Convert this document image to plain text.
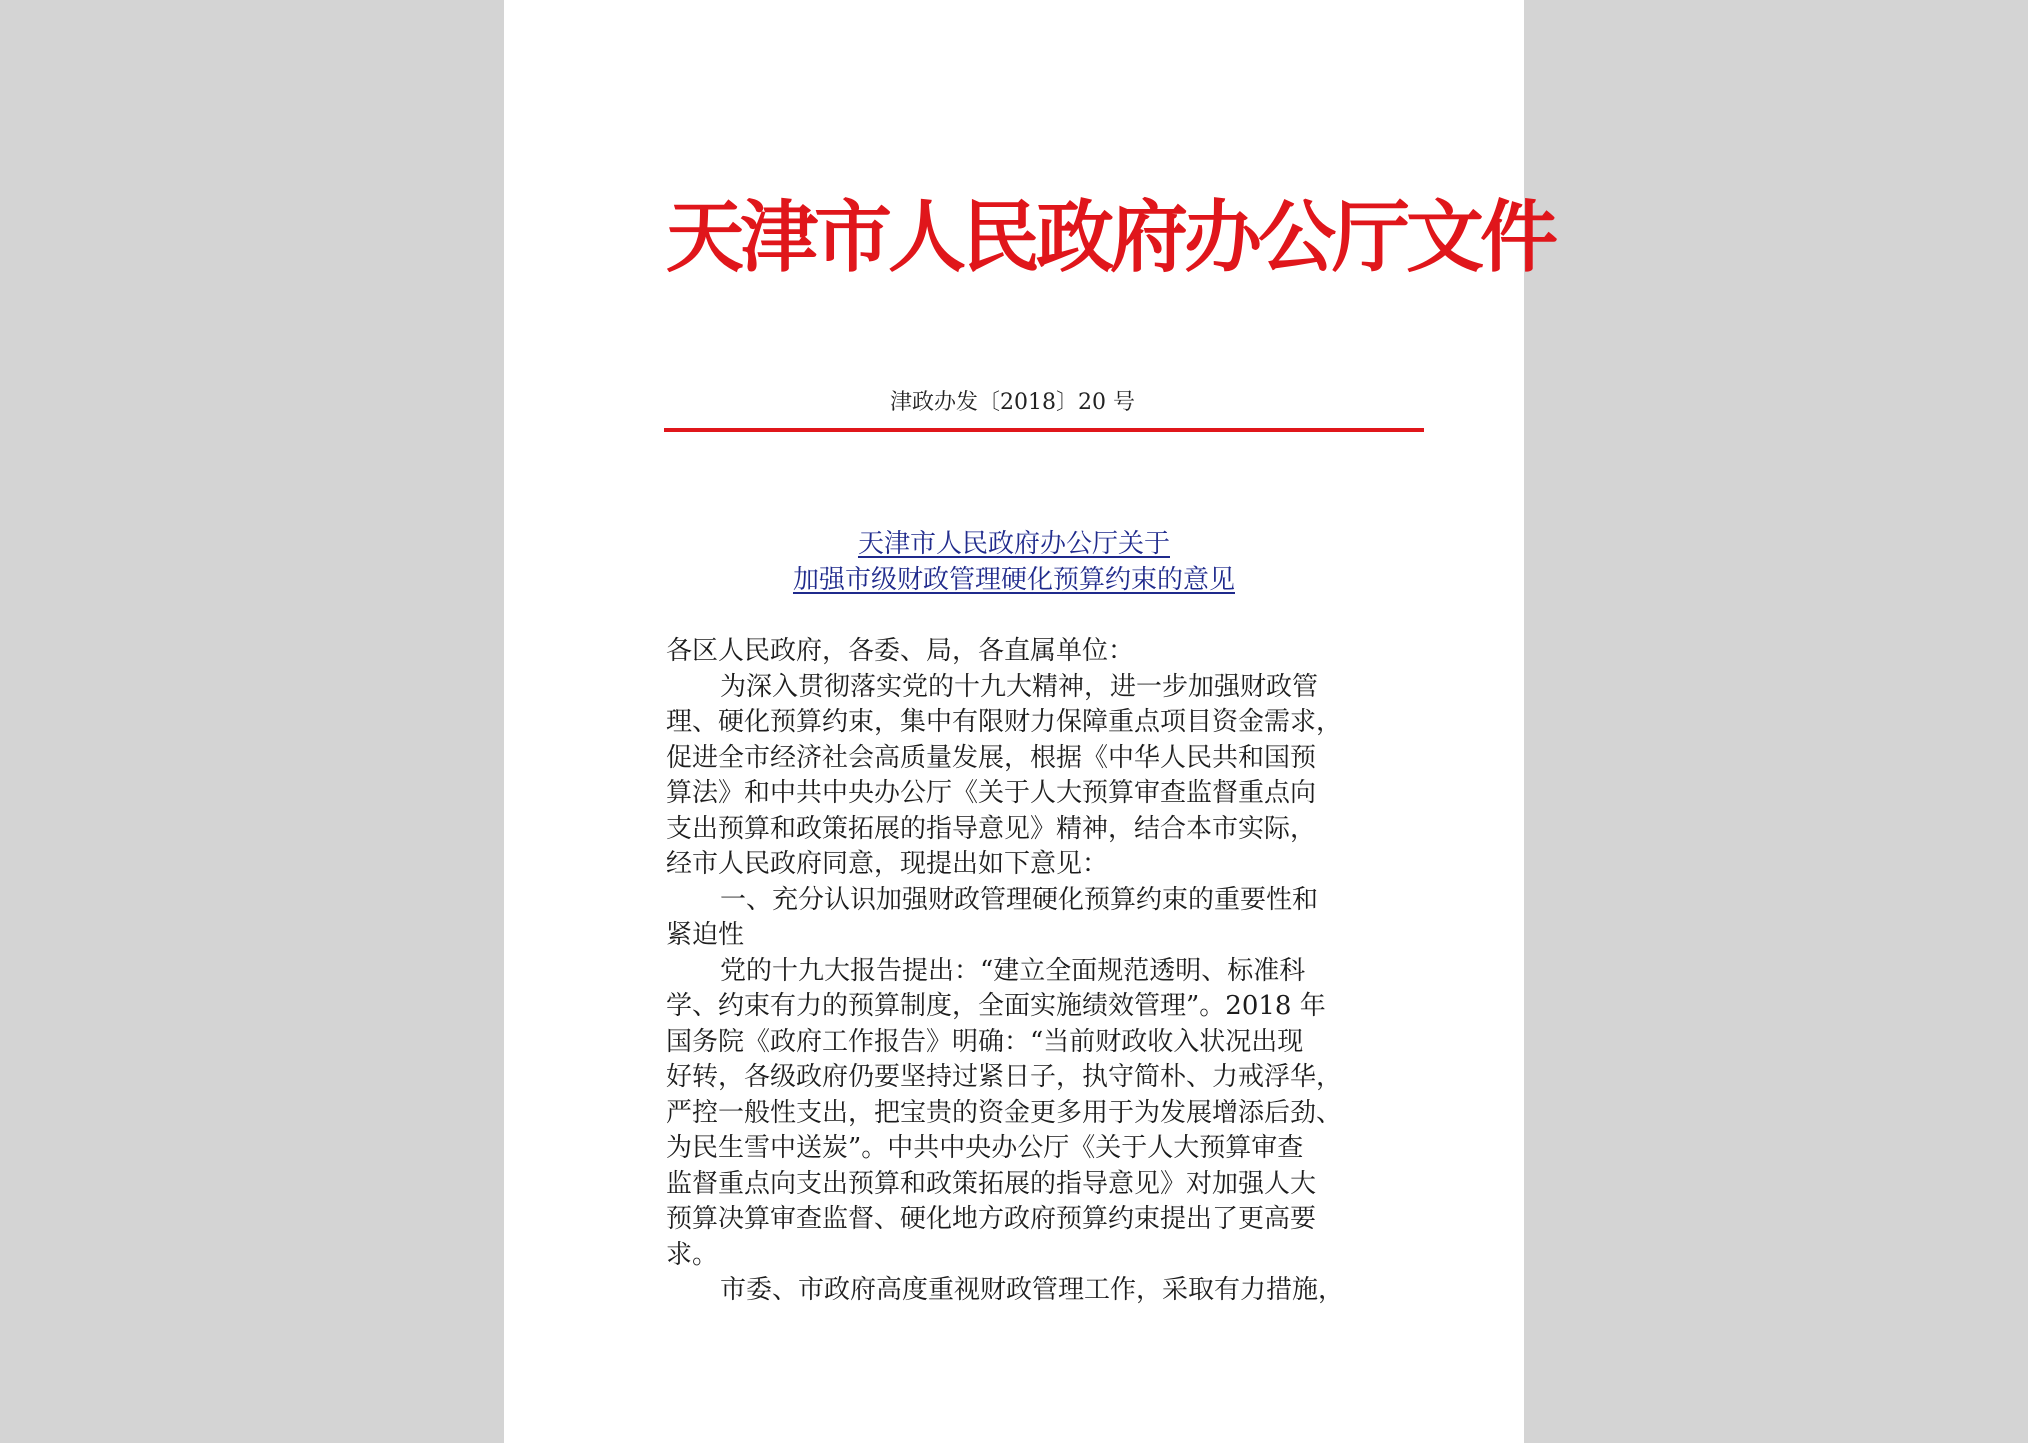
天津市人民政府办公厅文件
津政办发〔2018〕20 号
天津市人民政府办公厅关于
加强市级财政管理硬化预算约束的意见
各区人民政府，各委、局，各直属单位：
为深入贯彻落实党的十九大精神，进一步加强财政管
理、硬化预算约束，集中有限财力保障重点项目资金需求，
促进全市经济社会高质量发展，根据《中华人民共和国预
算法》和中共中央办公厅《关于人大预算审查监督重点向
支出预算和政策拓展的指导意见》精神，结合本市实际，
经市人民政府同意，现提出如下意见：
一、充分认识加强财政管理硬化预算约束的重要性和
紧迫性
党的十九大报告提出：“建立全面规范透明、标准科
学、约束有力的预算制度，全面实施绩效管理”。2018 年
国务院《政府工作报告》明确：“当前财政收入状况出现
好转，各级政府仍要坚持过紧日子，执守简朴、力戒浮华，
严控一般性支出，把宝贵的资金更多用于为发展增添后劲、
为民生雪中送炭”。中共中央办公厅《关于人大预算审查
监督重点向支出预算和政策拓展的指导意见》对加强人大
预算决算审查监督、硬化地方政府预算约束提出了更高要
求。
市委、市政府高度重视财政管理工作，采取有力措施，
